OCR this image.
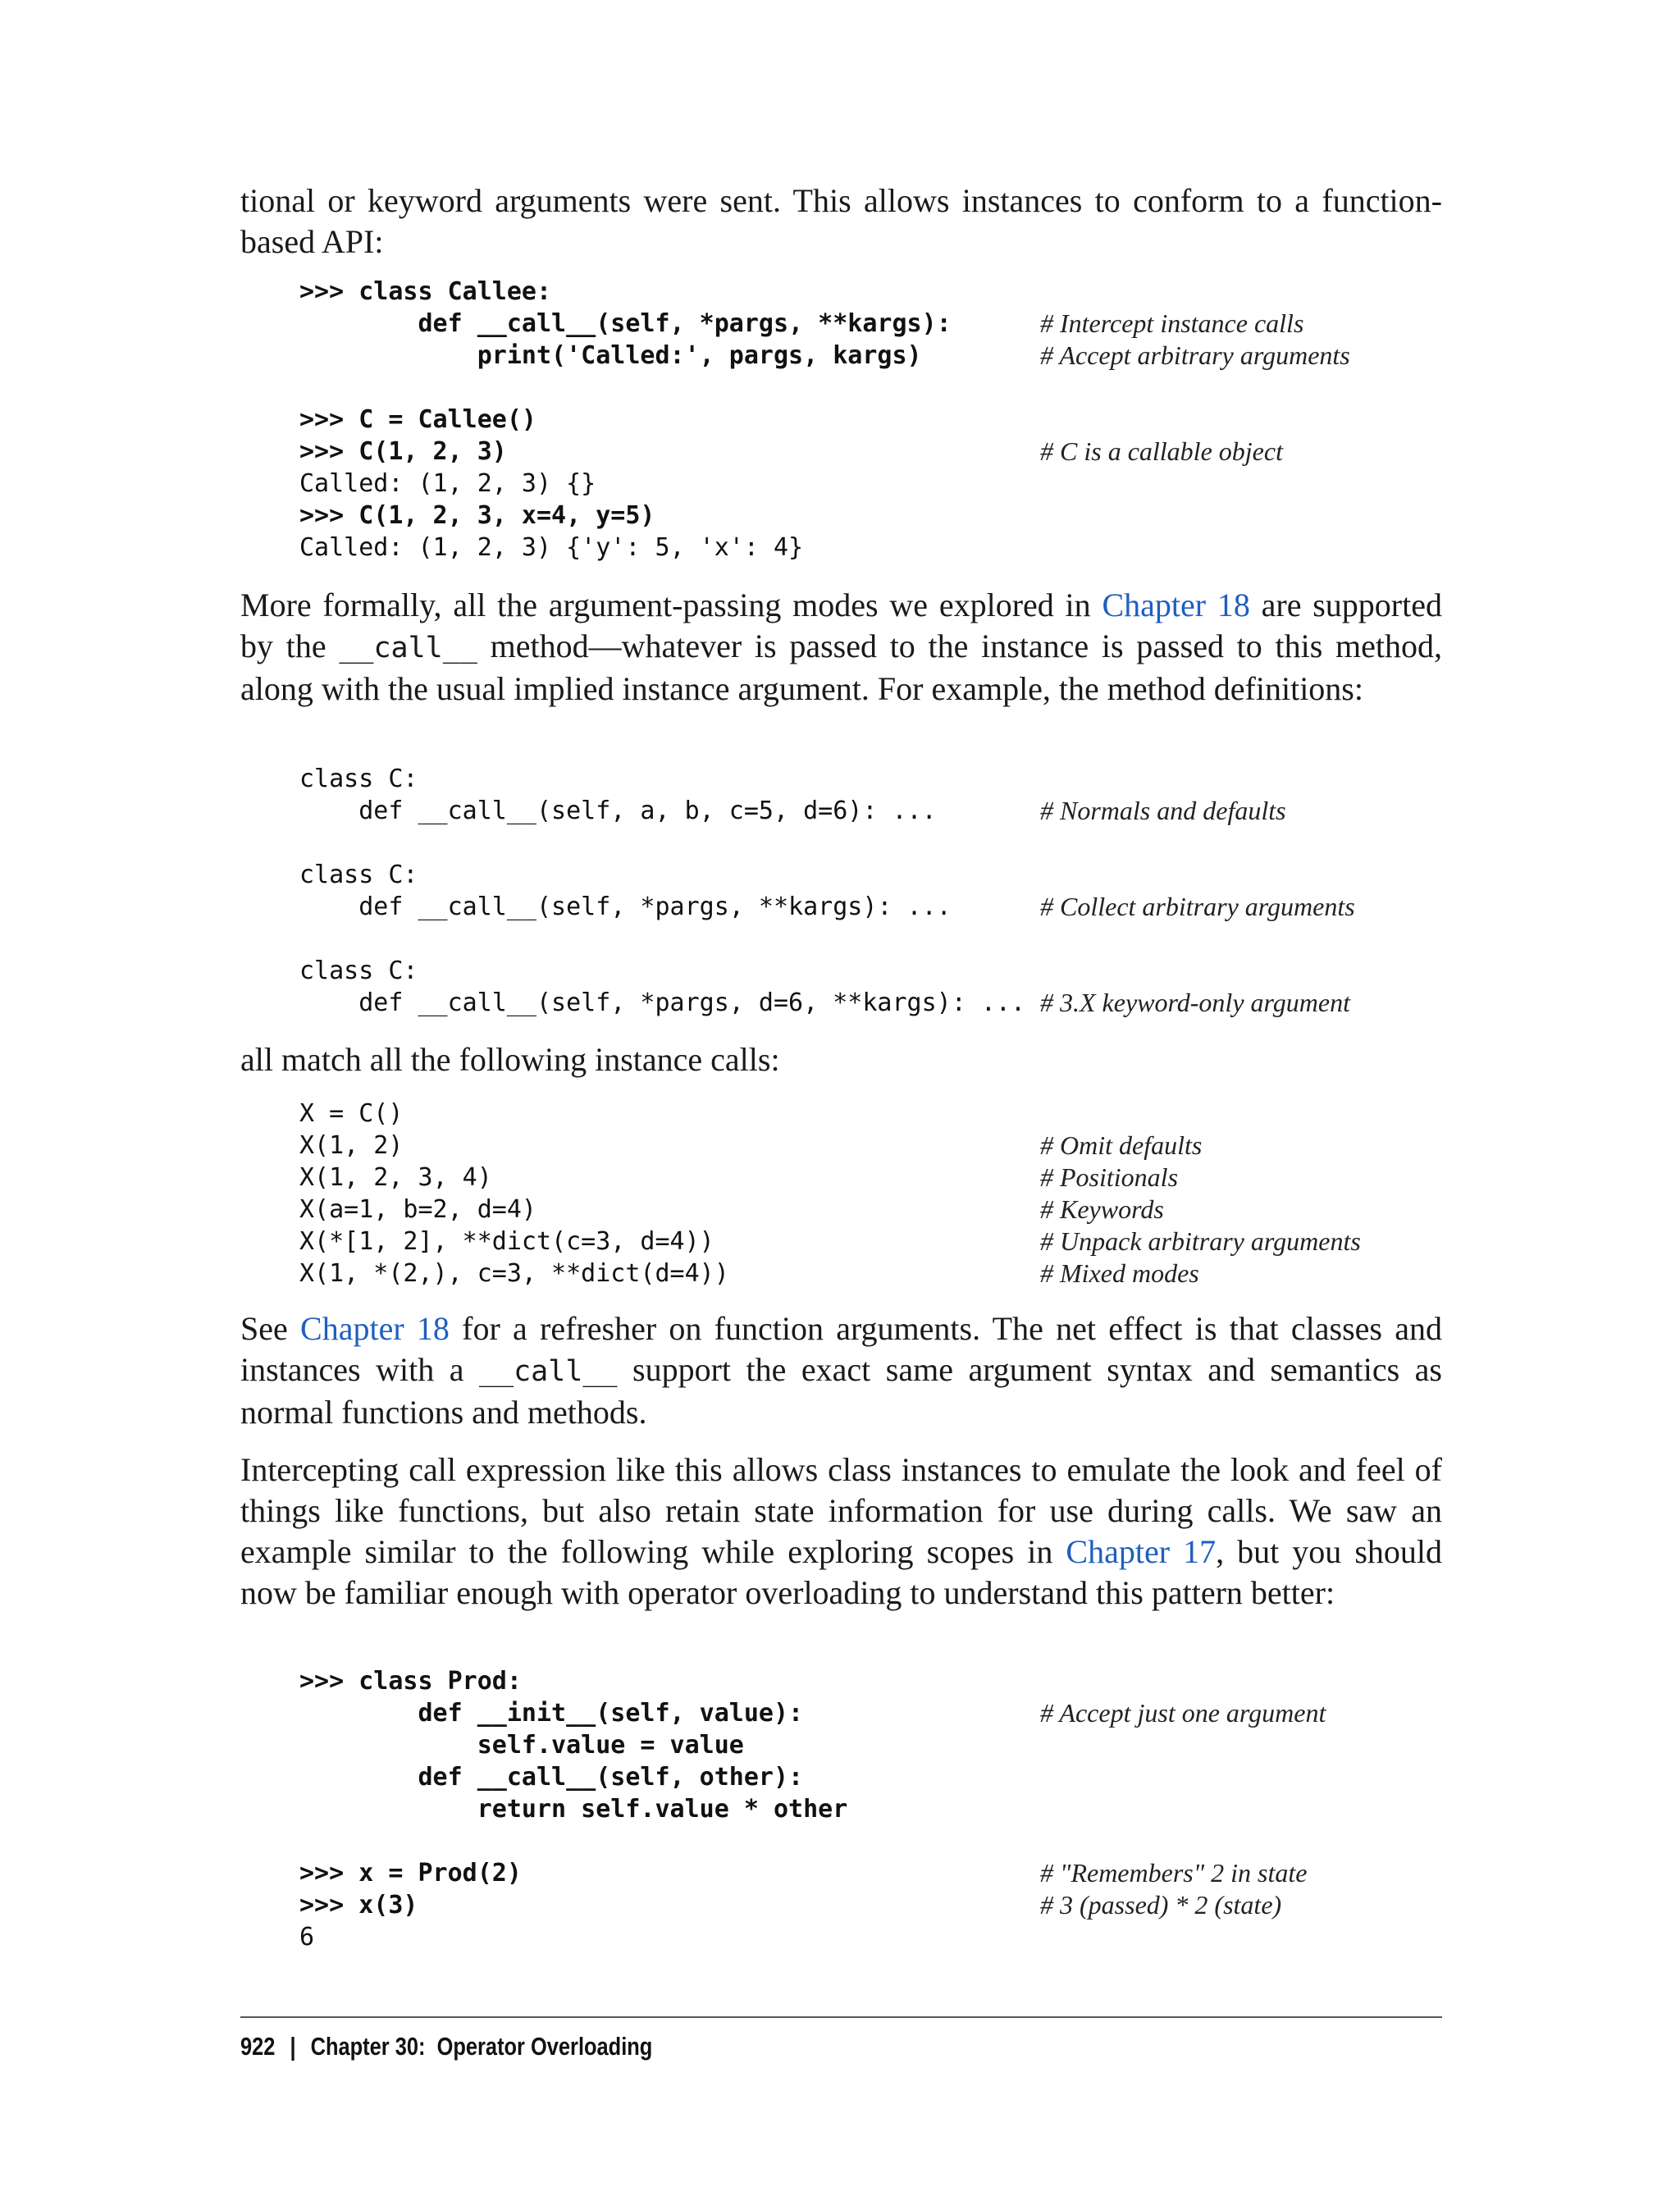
tional or keyword arguments were sent. This allows instances to conform to a function-based API:

>>> class Callee:
def __call__(self, *pargs, **kargs):	# Intercept instance calls
print('Called:', pargs, kargs)	# Accept arbitrary arguments
>>> C = Callee()
>>> C(1, 2, 3)	# C is a callable object
Called: (1, 2, 3) {}
>>> C(1, 2, 3, x=4, y=5)
Called: (1, 2, 3) {'y': 5, 'x': 4}

More formally, all the argument-passing modes we explored in Chapter 18 are supported by the __call__ method—whatever is passed to the instance is passed to this method, along with the usual implied instance argument. For example, the method definitions:

class C:
def __call__(self, a, b, c=5, d=6): ...	# Normals and defaults
class C:
def __call__(self, *pargs, **kargs): ...	# Collect arbitrary arguments
class C:
def __call__(self, *pargs, d=6, **kargs): ... # 3.X keyword-only argument

all match all the following instance calls:

X = C()
X(1, 2)	# Omit defaults
X(1, 2, 3, 4)	# Positionals
X(a=1, b=2, d=4)	# Keywords
X(*[1, 2], **dict(c=3, d=4))	# Unpack arbitrary arguments
X(1, *(2,), c=3, **dict(d=4))	# Mixed modes

See Chapter 18 for a refresher on function arguments. The net effect is that classes and instances with a __call__ support the exact same argument syntax and semantics as normal functions and methods.

Intercepting call expression like this allows class instances to emulate the look and feel of things like functions, but also retain state information for use during calls. We saw an example similar to the following while exploring scopes in Chapter 17, but you should now be familiar enough with operator overloading to understand this pattern better:

>>> class Prod:
def __init__(self, value):	# Accept just one argument
self.value = value
def __call__(self, other):
return self.value * other
>>> x = Prod(2)	# "Remembers" 2 in state
>>> x(3)	# 3 (passed) * 2 (state)
6
922 | Chapter 30:  Operator Overloading
